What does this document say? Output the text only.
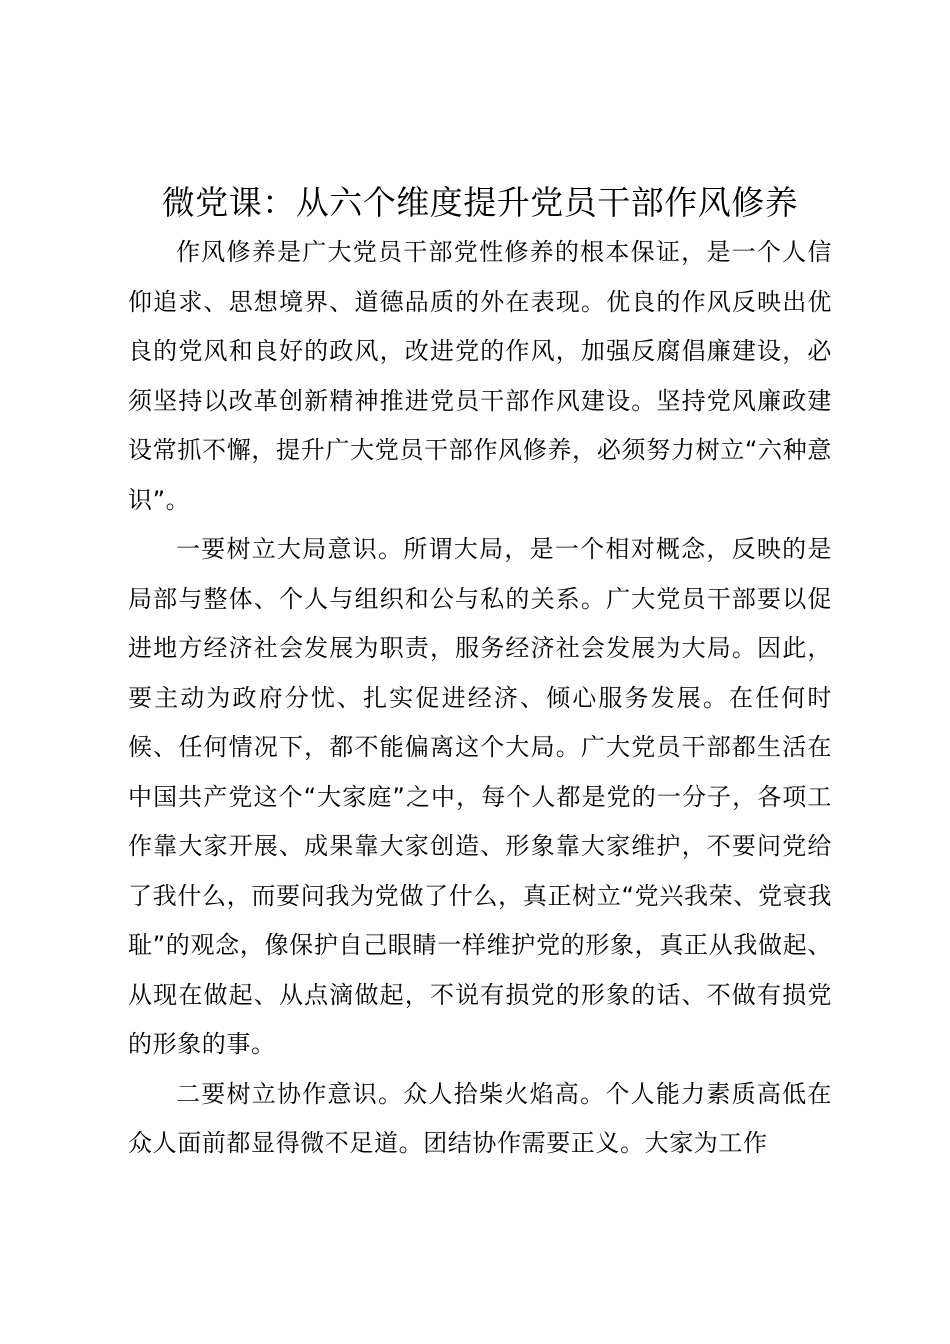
微党课：从六个维度提升党员干部作风修养

作风修养是广大党员干部党性修养的根本保证，是一个人信仰追求、思想境界、道德品质的外在表现。优良的作风反映出优良的党风和良好的政风，改进党的作风，加强反腐倡廉建设，必须坚持以改革创新精神推进党员干部作风建设。坚持党风廉政建设常抓不懈，提升广大党员干部作风修养，必须努力树立“六种意识”。

一要树立大局意识。所谓大局，是一个相对概念，反映的是局部与整体、个人与组织和公与私的关系。广大党员干部要以促进地方经济社会发展为职责，服务经济社会发展为大局。因此，要主动为政府分忧、扎实促进经济、倾心服务发展。在任何时候、任何情况下，都不能偏离这个大局。广大党员干部都生活在中国共产党这个“大家庭”之中，每个人都是党的一分子，各项工作靠大家开展、成果靠大家创造、形象靠大家维护，不要问党给了我什么，而要问我为党做了什么，真正树立“党兴我荣、党衰我耻”的观念，像保护自己眼睛一样维护党的形象，真正从我做起、从现在做起、从点滴做起，不说有损党的形象的话、不做有损党的形象的事。

二要树立协作意识。众人拾柴火焰高。个人能力素质高低在众人面前都显得微不足道。团结协作需要正义。大家为工作
